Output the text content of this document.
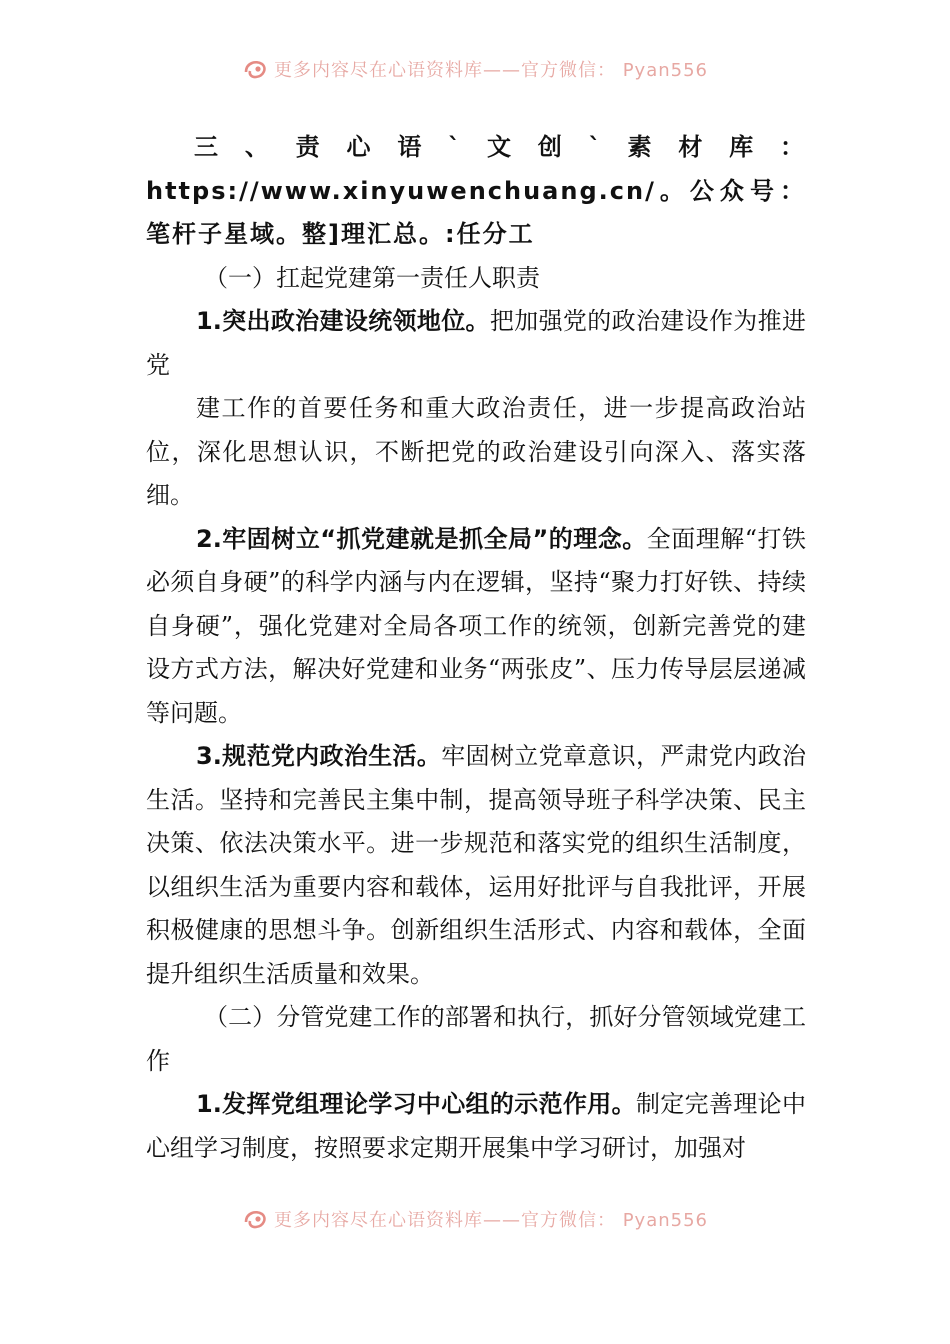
更多内容尽在心语资料库——官方微信： Pyan556

三、责心语`文创`素材库：https://www.xinyuwenchuang.cn/。公众号：笔杆子星域。整]理汇总。:任分工

（一）扛起党建第一责任人职责

1.突出政治建设统领地位。把加强党的政治建设作为推进党

建工作的首要任务和重大政治责任，进一步提高政治站位，深化思想认识，不断把党的政治建设引向深入、落实落细。

2.牢固树立“抓党建就是抓全局”的理念。全面理解“打铁必须自身硬”的科学内涵与内在逻辑，坚持“聚力打好铁、持续自身硬”，强化党建对全局各项工作的统领，创新完善党的建设方式方法，解决好党建和业务“两张皮”、压力传导层层递减等问题。

3.规范党内政治生活。牢固树立党章意识，严肃党内政治生活。坚持和完善民主集中制，提高领导班子科学决策、民主决策、依法决策水平。进一步规范和落实党的组织生活制度，以组织生活为重要内容和载体，运用好批评与自我批评，开展积极健康的思想斗争。创新组织生活形式、内容和载体，全面提升组织生活质量和效果。

（二）分管党建工作的部署和执行，抓好分管领域党建工作

1.发挥党组理论学习中心组的示范作用。制定完善理论中心组学习制度，按照要求定期开展集中学习研讨，加强对

更多内容尽在心语资料库——官方微信： Pyan556
